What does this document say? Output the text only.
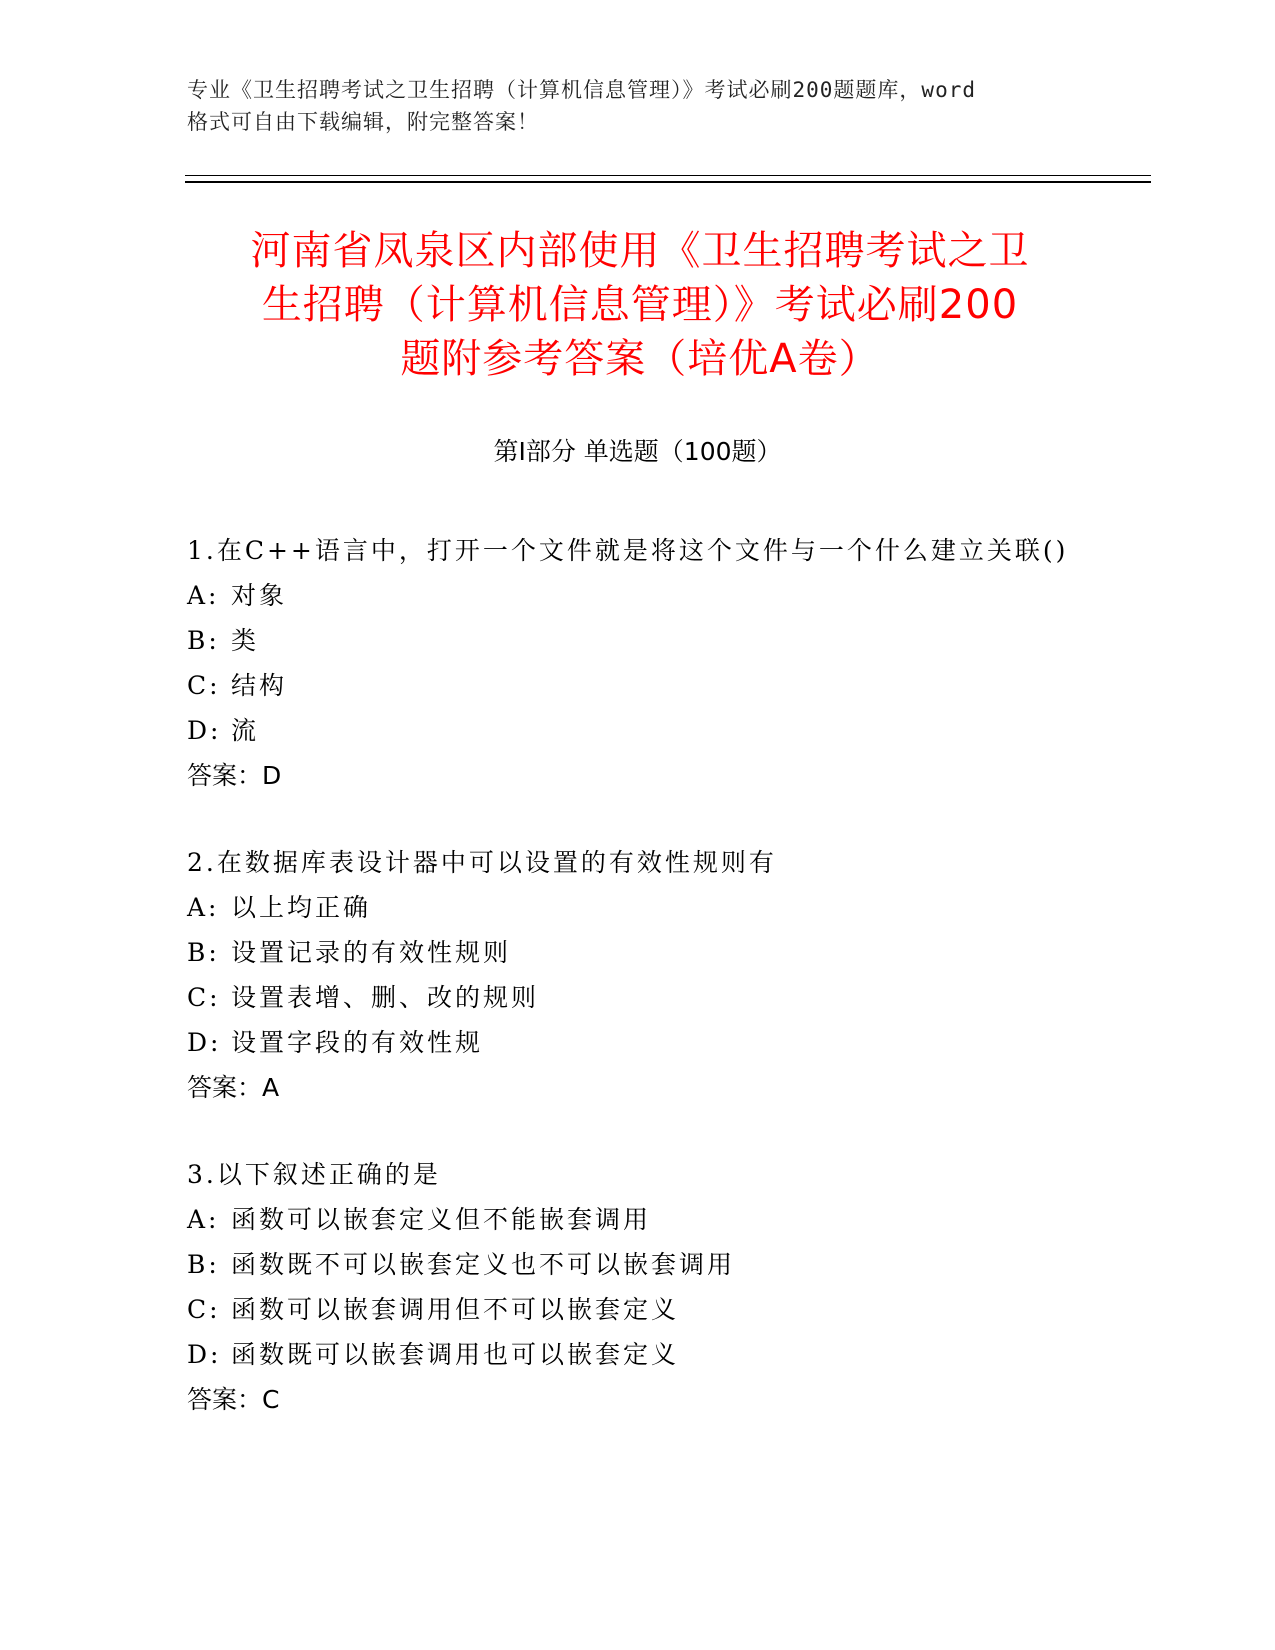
专业《卫生招聘考试之卫生招聘（计算机信息管理）》考试必刷200题题库，word
格式可自由下载编辑，附完整答案！
河南省凤泉区内部使用《卫生招聘考试之卫
生招聘（计算机信息管理）》考试必刷200
题附参考答案（培优A卷）
第Ⅰ部分 单选题（100题）
1.在C++语言中，打开一个文件就是将这个文件与一个什么建立关联()
A: 对象
B: 类
C: 结构
D: 流
答案：D
2.在数据库表设计器中可以设置的有效性规则有
A: 以上均正确
B: 设置记录的有效性规则
C: 设置表增、删、改的规则
D: 设置字段的有效性规
答案：A
3.以下叙述正确的是
A: 函数可以嵌套定义但不能嵌套调用
B: 函数既不可以嵌套定义也不可以嵌套调用
C: 函数可以嵌套调用但不可以嵌套定义
D: 函数既可以嵌套调用也可以嵌套定义
答案：C
